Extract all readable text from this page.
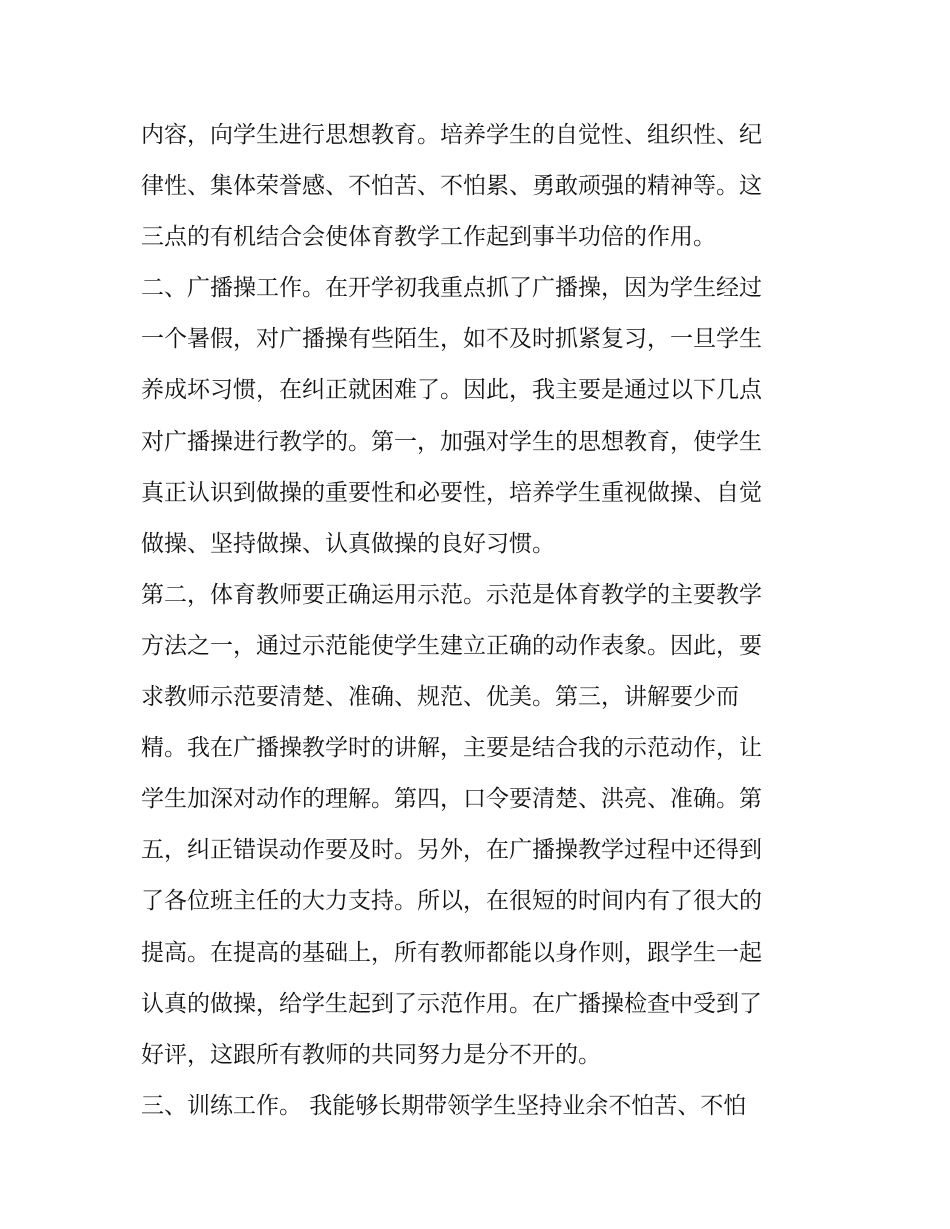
内容，向学生进行思想教育。培养学生的自觉性、组织性、纪

律性、集体荣誉感、不怕苦、不怕累、勇敢顽强的精神等。这

三点的有机结合会使体育教学工作起到事半功倍的作用。

二、广播操工作。在开学初我重点抓了广播操，因为学生经过

一个暑假，对广播操有些陌生，如不及时抓紧复习，一旦学生

养成坏习惯，在纠正就困难了。因此，我主要是通过以下几点

对广播操进行教学的。第一，加强对学生的思想教育，使学生

真正认识到做操的重要性和必要性，培养学生重视做操、自觉

做操、坚持做操、认真做操的良好习惯。

第二，体育教师要正确运用示范。示范是体育教学的主要教学

方法之一，通过示范能使学生建立正确的动作表象。因此，要

求教师示范要清楚、准确、规范、优美。第三，讲解要少而

精。我在广播操教学时的讲解，主要是结合我的示范动作，让

学生加深对动作的理解。第四，口令要清楚、洪亮、准确。第

五，纠正错误动作要及时。另外，在广播操教学过程中还得到

了各位班主任的大力支持。所以，在很短的时间内有了很大的

提高。在提高的基础上，所有教师都能以身作则，跟学生一起

认真的做操，给学生起到了示范作用。在广播操检查中受到了

好评，这跟所有教师的共同努力是分不开的。

三、训练工作。 我能够长期带领学生坚持业余不怕苦、不怕
